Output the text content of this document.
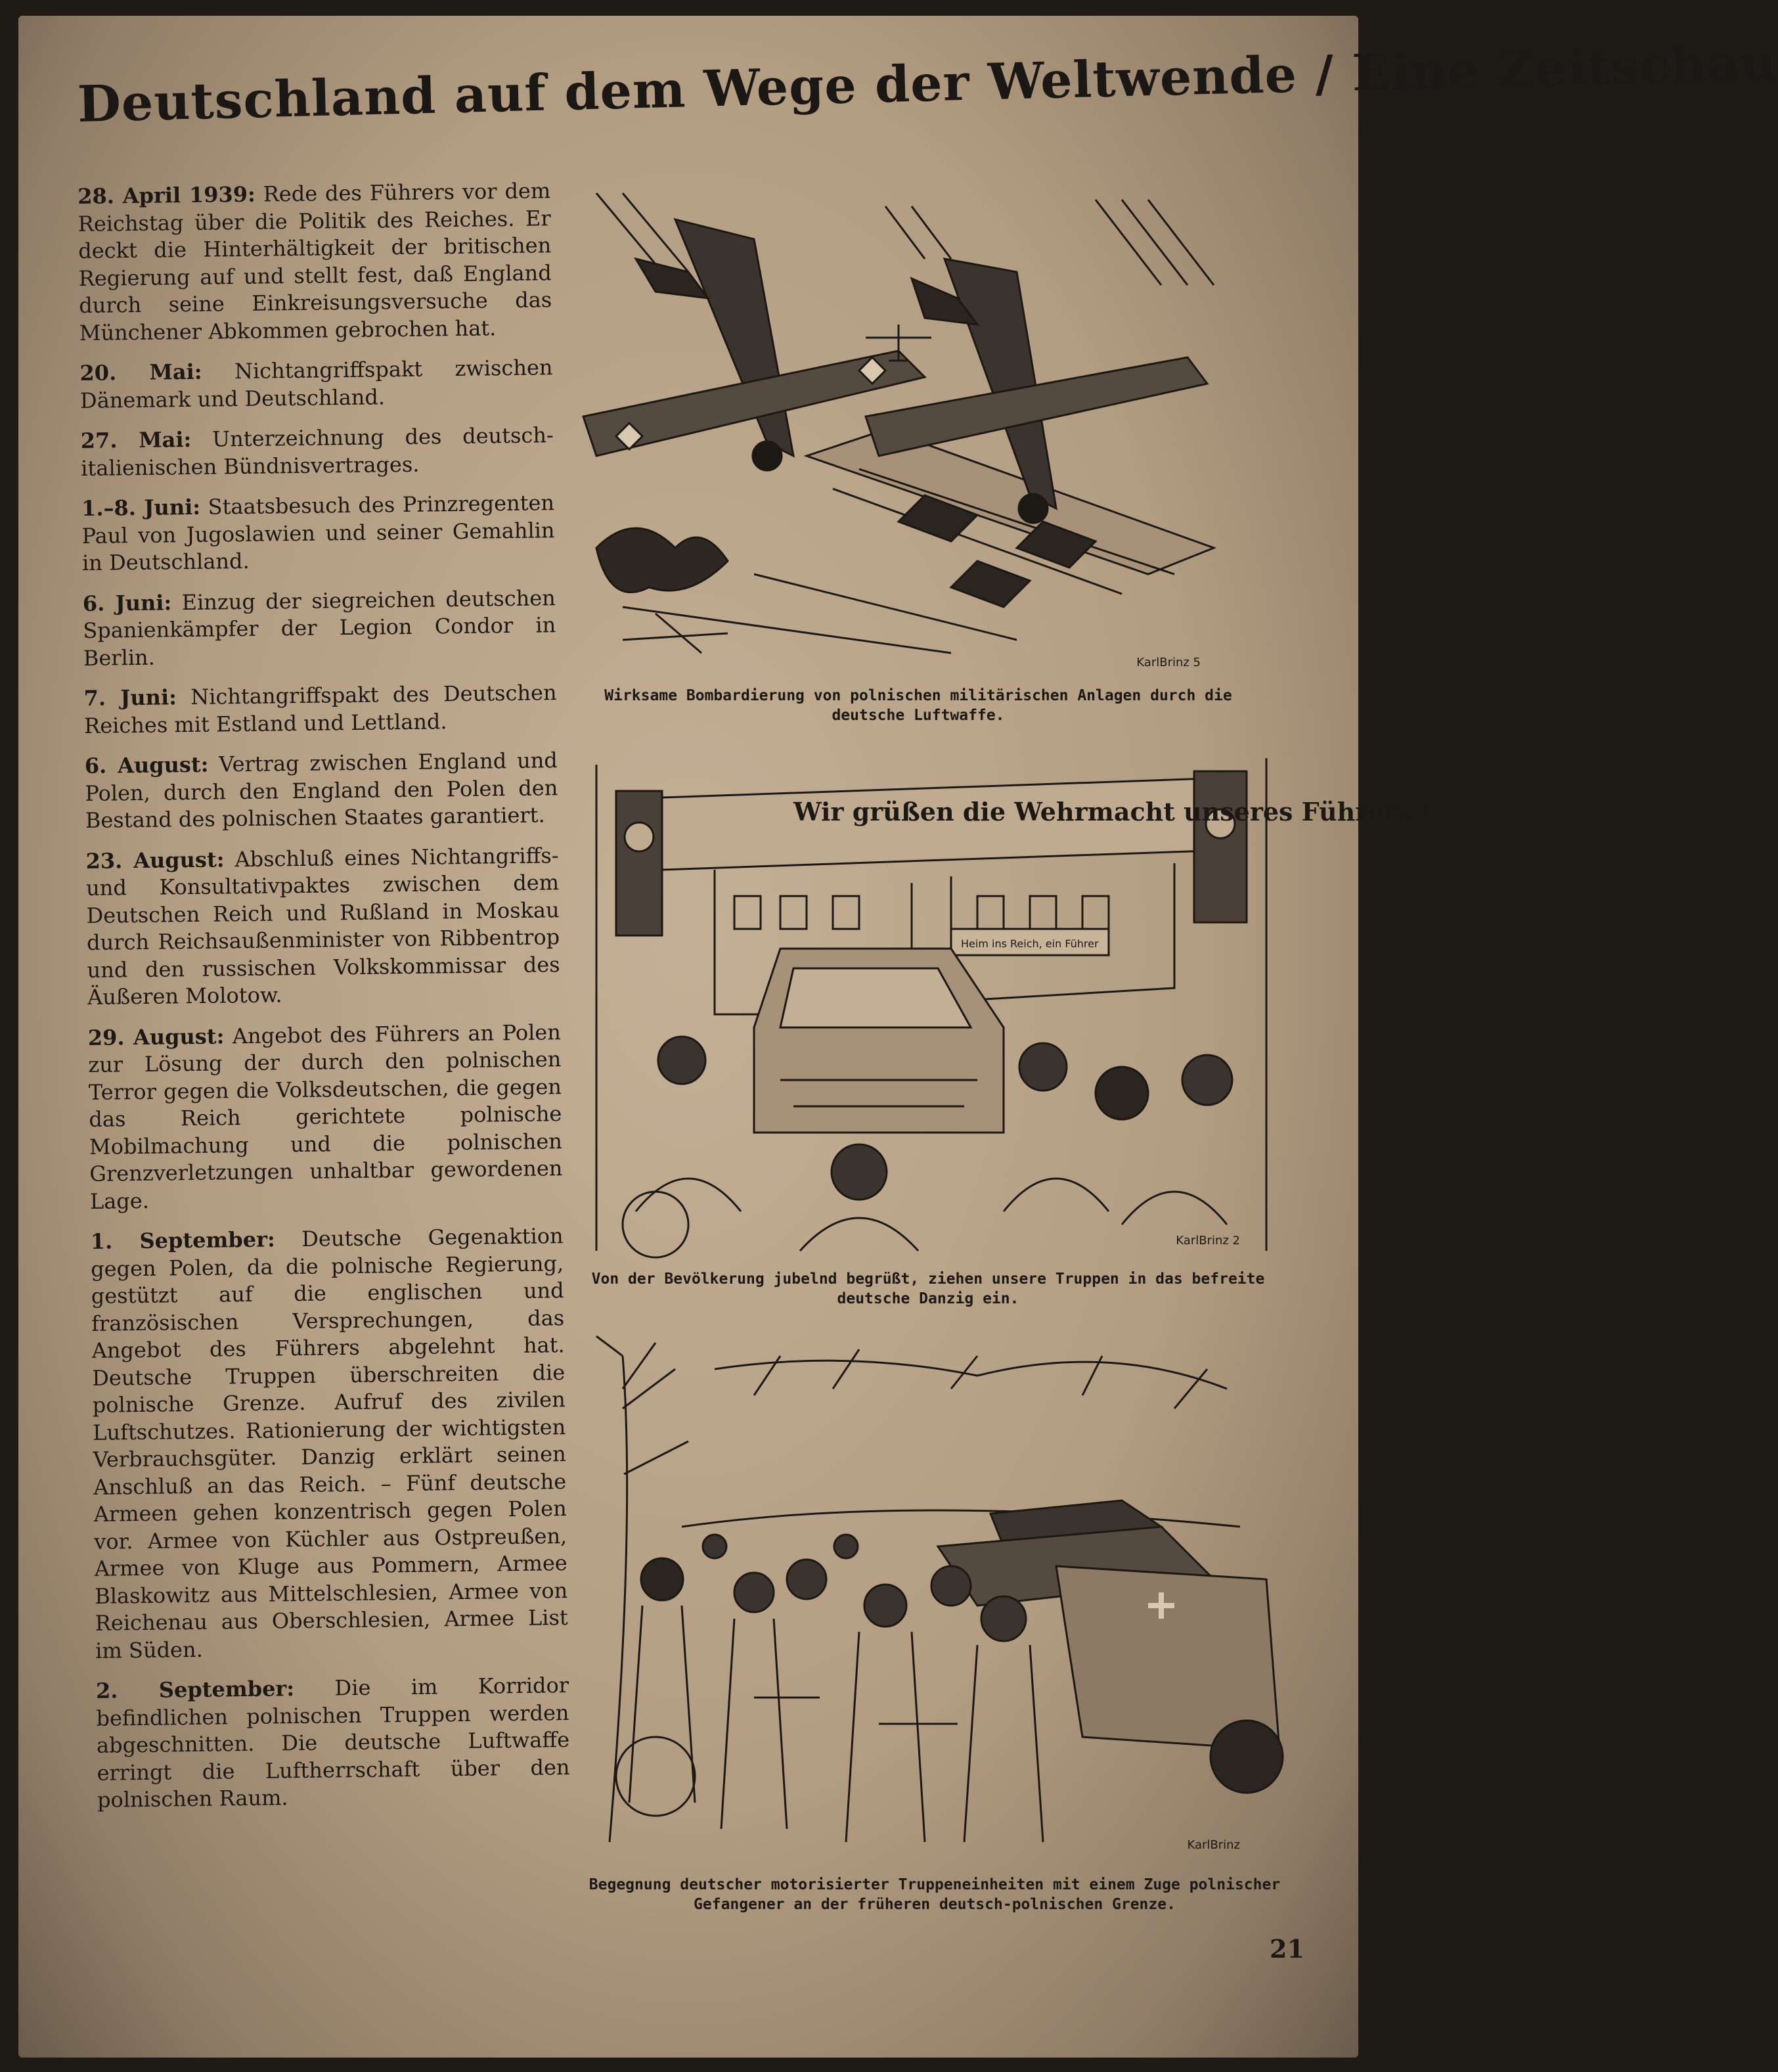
Deutschland auf dem Wege der Weltwende / Eine Zeitschau

28. April 1939: Rede des Führers vor dem Reichstag über die Politik des Reiches. Er deckt die Hinterhältigkeit der britischen Regierung auf und stellt fest, daß England durch seine Einkreisungsversuche das Münchener Abkommen gebrochen hat.

20. Mai: Nichtangriffspakt zwischen Dänemark und Deutschland.

27. Mai: Unterzeichnung des deutsch-italienischen Bündnisvertrages.

1.–8. Juni: Staatsbesuch des Prinzregenten Paul von Jugoslawien und seiner Gemahlin in Deutschland.

6. Juni: Einzug der siegreichen deutschen Spanienkämpfer der Legion Condor in Berlin.

7. Juni: Nichtangriffspakt des Deutschen Reiches mit Estland und Lettland.

6. August: Vertrag zwischen England und Polen, durch den England den Polen den Bestand des polnischen Staates garantiert.

23. August: Abschluß eines Nichtangriffs- und Konsultativpaktes zwischen dem Deutschen Reich und Rußland in Moskau durch Reichsaußenminister von Ribbentrop und den russischen Volkskommissar des Äußeren Molotow.

29. August: Angebot des Führers an Polen zur Lösung der durch den polnischen Terror gegen die Volksdeutschen, die gegen das Reich gerichtete polnische Mobilmachung und die polnischen Grenzverletzungen unhaltbar gewordenen Lage.

1. September: Deutsche Gegenaktion gegen Polen, da die polnische Regierung, gestützt auf die englischen und französischen Versprechungen, das Angebot des Führers abgelehnt hat. Deutsche Truppen überschreiten die polnische Grenze. Aufruf des zivilen Luftschutzes. Rationierung der wichtigsten Verbrauchsgüter. Danzig erklärt seinen Anschluß an das Reich. – Fünf deutsche Armeen gehen konzentrisch gegen Polen vor. Armee von Küchler aus Ostpreußen, Armee von Kluge aus Pommern, Armee Blaskowitz aus Mittelschlesien, Armee von Reichenau aus Oberschlesien, Armee List im Süden.

2. September: Die im Korridor befindlichen polnischen Truppen werden abgeschnitten. Die deutsche Luftwaffe erringt die Luftherrschaft über den polnischen Raum.

KarlBrinz 5
Wirksame Bombardierung von polnischen militärischen Anlagen durch die deutsche Luftwaffe.
Wir grüßen die Wehrmacht unseres Führers !
Heim ins Reich, ein Führer
KarlBrinz 2
Von der Bevölkerung jubelnd begrüßt, ziehen unsere Truppen in das befreite deutsche Danzig ein.
KarlBrinz
Begegnung deutscher motorisierter Truppeneinheiten mit einem Zuge polnischer Gefangener an der früheren deutsch-polnischen Grenze.
21
